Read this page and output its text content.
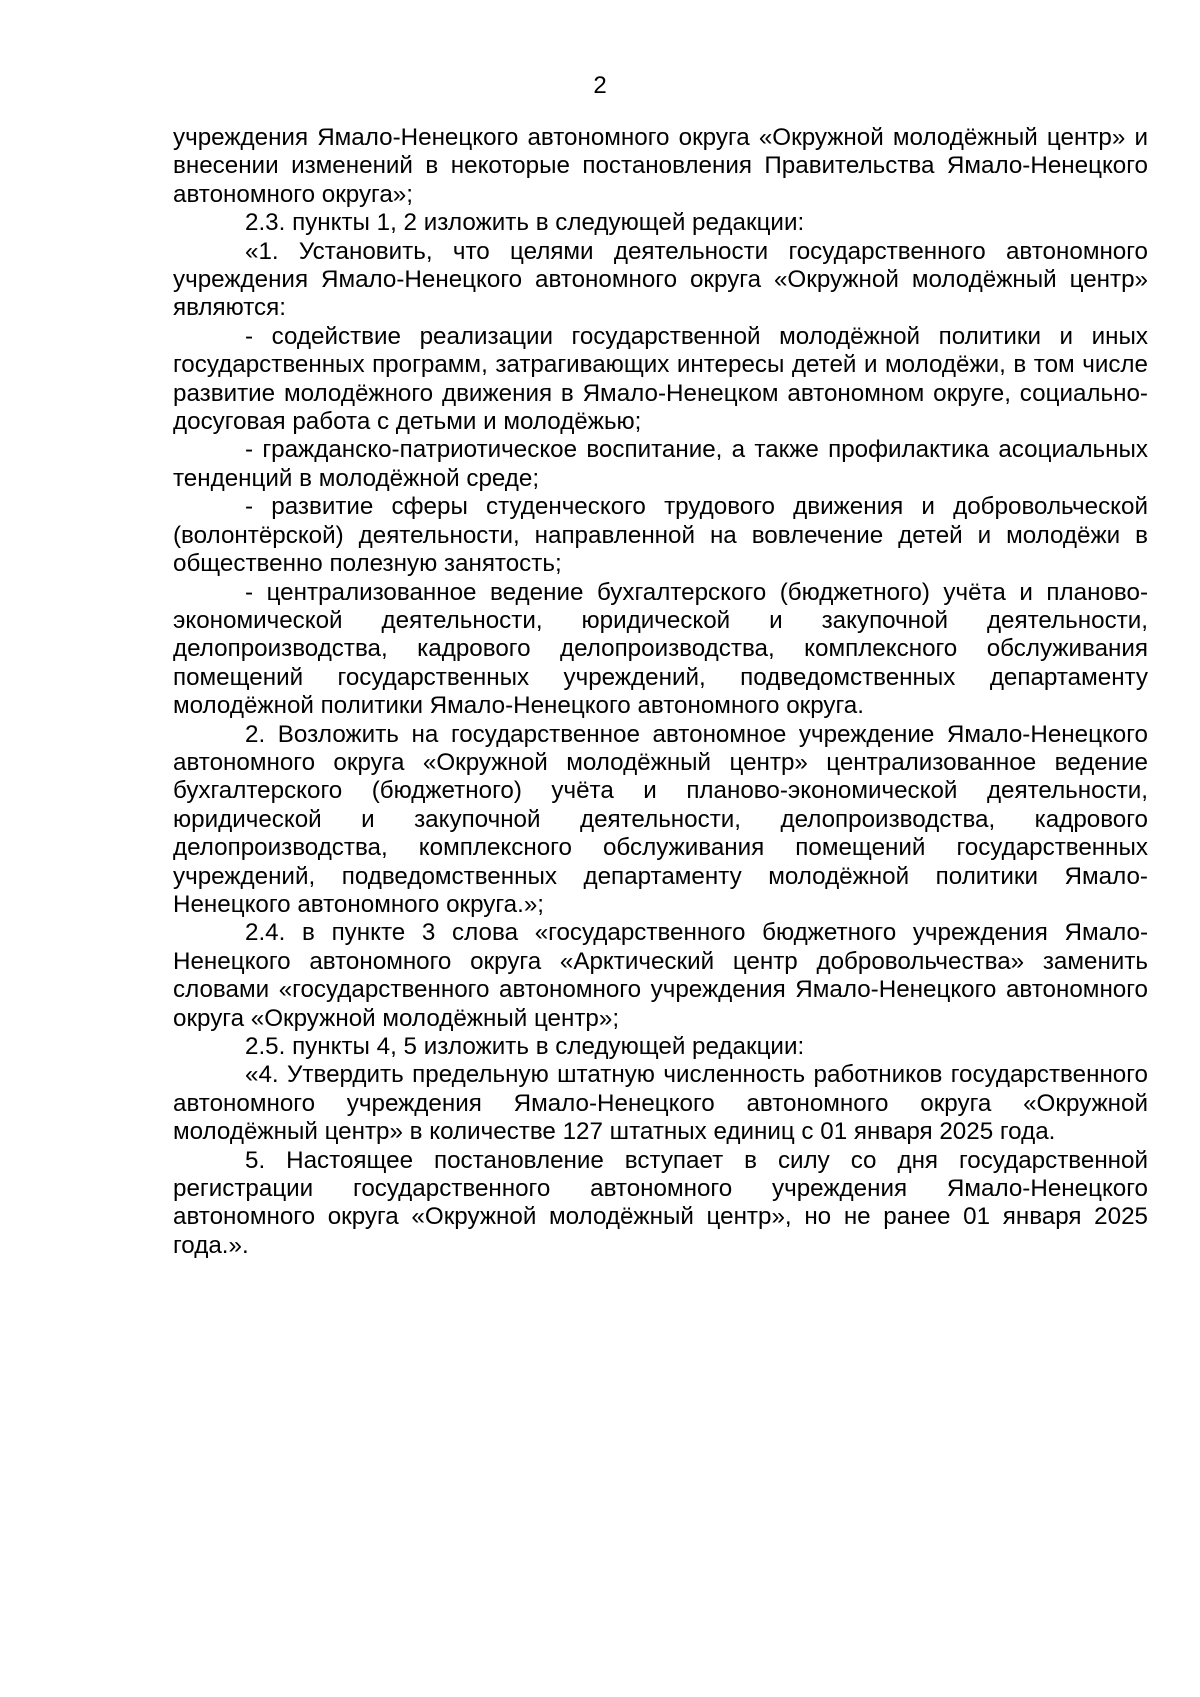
2

учреждения Ямало-Ненецкого автономного округа «Окружной молодёжный центр» и внесении изменений в некоторые постановления Правительства Ямало-Ненецкого автономного округа»;

2.3. пункты 1, 2 изложить в следующей редакции:

«1. Установить, что целями деятельности государственного автономного учреждения Ямало-Ненецкого автономного округа «Окружной молодёжный центр» являются:

- содействие реализации государственной молодёжной политики и иных государственных программ, затрагивающих интересы детей и молодёжи, в том числе развитие молодёжного движения в Ямало-Ненецком автономном округе, социально-досуговая работа с детьми и молодёжью;

- гражданско-патриотическое воспитание, а также профилактика асоциальных тенденций в молодёжной среде;

- развитие сферы студенческого трудового движения и добровольческой (волонтёрской) деятельности, направленной на вовлечение детей и молодёжи в общественно полезную занятость;

- централизованное ведение бухгалтерского (бюджетного) учёта и планово-экономической деятельности, юридической и закупочной деятельности, делопроизводства, кадрового делопроизводства, комплексного обслуживания помещений государственных учреждений, подведомственных департаменту молодёжной политики Ямало-Ненецкого автономного округа.

2. Возложить на государственное автономное учреждение Ямало-Ненецкого автономного округа «Окружной молодёжный центр» централизованное ведение бухгалтерского (бюджетного) учёта и планово-экономической деятельности, юридической и закупочной деятельности, делопроизводства, кадрового делопроизводства, комплексного обслуживания помещений государственных учреждений, подведомственных департаменту молодёжной политики Ямало-Ненецкого автономного округа.»;

2.4. в пункте 3 слова «государственного бюджетного учреждения Ямало-Ненецкого автономного округа «Арктический центр добровольчества» заменить словами «государственного автономного учреждения Ямало-Ненецкого автономного округа «Окружной молодёжный центр»;

2.5. пункты 4, 5 изложить в следующей редакции:

«4. Утвердить предельную штатную численность работников государственного автономного учреждения Ямало-Ненецкого автономного округа «Окружной молодёжный центр» в количестве 127 штатных единиц с 01 января 2025 года.

5. Настоящее постановление вступает в силу со дня государственной регистрации государственного автономного учреждения Ямало-Ненецкого автономного округа «Окружной молодёжный центр», но не ранее 01 января 2025 года.».
